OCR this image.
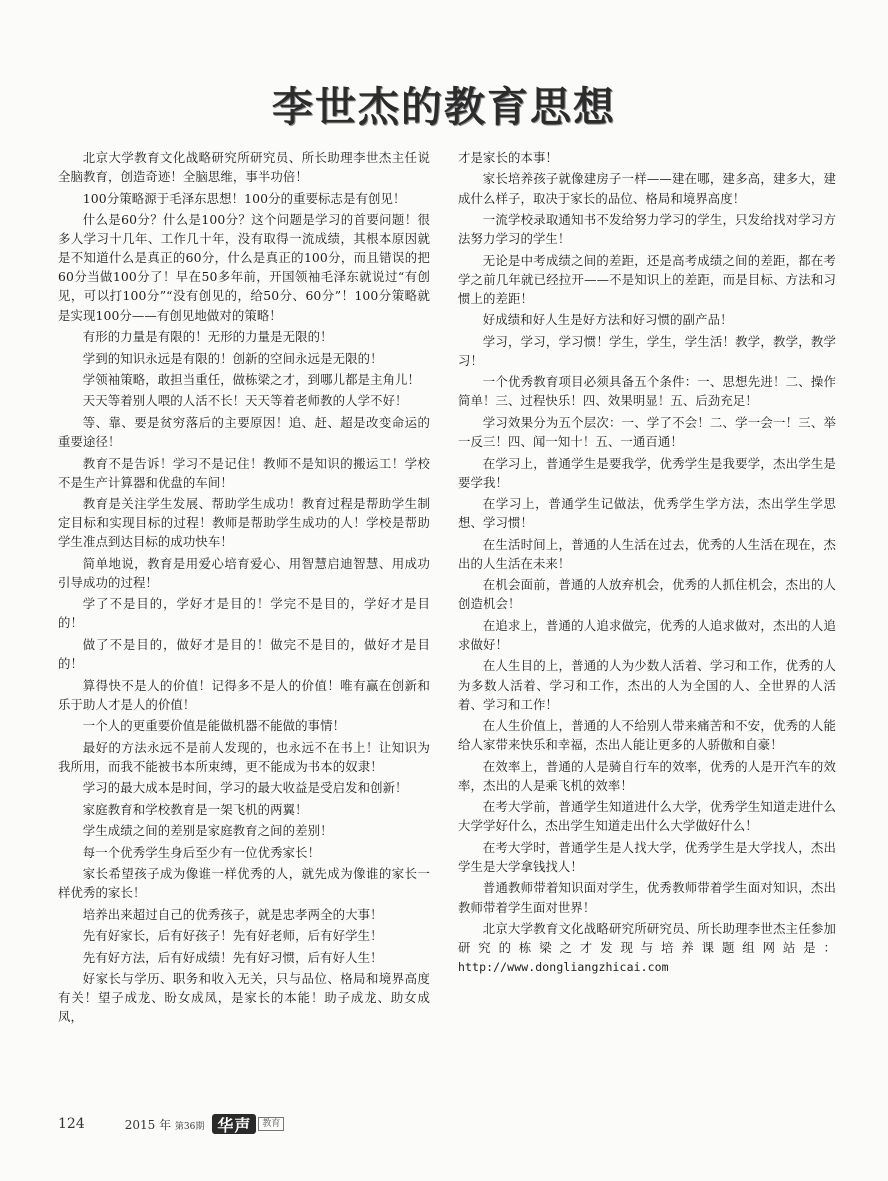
李世杰的教育思想

北京大学教育文化战略研究所研究员、所长助理李世杰主任说全脑教育，创造奇迹！全脑思维，事半功倍！

100分策略源于毛泽东思想！100分的重要标志是有创见！

什么是60分？什么是100分？这个问题是学习的首要问题！很多人学习十几年、工作几十年，没有取得一流成绩，其根本原因就是不知道什么是真正的60分，什么是真正的100分，而且错误的把60分当做100分了！早在50多年前，开国领袖毛泽东就说过“有创见，可以打100分”“没有创见的，给50分、60分”！100分策略就是实现100分——有创见地做对的策略！

有形的力量是有限的！无形的力量是无限的！

学到的知识永远是有限的！创新的空间永远是无限的！

学领袖策略，敢担当重任，做栋梁之才，到哪儿都是主角儿！

天天等着别人喂的人活不长！天天等着老师教的人学不好！

等、靠、要是贫穷落后的主要原因！追、赶、超是改变命运的重要途径！

教育不是告诉！学习不是记住！教师不是知识的搬运工！学校不是生产计算器和优盘的车间！

教育是关注学生发展、帮助学生成功！教育过程是帮助学生制定目标和实现目标的过程！教师是帮助学生成功的人！学校是帮助学生准点到达目标的成功快车！

简单地说，教育是用爱心培育爱心、用智慧启迪智慧、用成功引导成功的过程！

学了不是目的，学好才是目的！学完不是目的，学好才是目的！

做了不是目的，做好才是目的！做完不是目的，做好才是目的！

算得快不是人的价值！记得多不是人的价值！唯有赢在创新和乐于助人才是人的价值！

一个人的更重要价值是能做机器不能做的事情！

最好的方法永远不是前人发现的，也永远不在书上！让知识为我所用，而我不能被书本所束缚，更不能成为书本的奴隶！

学习的最大成本是时间，学习的最大收益是受启发和创新！

家庭教育和学校教育是一架飞机的两翼！

学生成绩之间的差别是家庭教育之间的差别！

每一个优秀学生身后至少有一位优秀家长！

家长希望孩子成为像谁一样优秀的人，就先成为像谁的家长一样优秀的家长！

培养出来超过自己的优秀孩子，就是忠孝两全的大事！

先有好家长，后有好孩子！先有好老师，后有好学生！

先有好方法，后有好成绩！先有好习惯，后有好人生！

好家长与学历、职务和收入无关，只与品位、格局和境界高度有关！望子成龙、盼女成凤，是家长的本能！助子成龙、助女成凤，

才是家长的本事！

家长培养孩子就像建房子一样——建在哪，建多高，建多大，建成什么样子，取决于家长的品位、格局和境界高度！

一流学校录取通知书不发给努力学习的学生，只发给找对学习方法努力学习的学生！

无论是中考成绩之间的差距，还是高考成绩之间的差距，都在考学之前几年就已经拉开——不是知识上的差距，而是目标、方法和习惯上的差距！

好成绩和好人生是好方法和好习惯的副产品！

学习，学习，学习惯！学生，学生，学生活！教学，教学，教学习！

一个优秀教育项目必须具备五个条件：一、思想先进！二、操作简单！三、过程快乐！四、效果明显！五、后劲充足！

学习效果分为五个层次：一、学了不会！二、学一会一！三、举一反三！四、闻一知十！五、一通百通！

在学习上，普通学生是要我学，优秀学生是我要学，杰出学生是要学我！

在学习上，普通学生记做法，优秀学生学方法，杰出学生学思想、学习惯！

在生活时间上，普通的人生活在过去，优秀的人生活在现在，杰出的人生活在未来！

在机会面前，普通的人放弃机会，优秀的人抓住机会，杰出的人创造机会！

在追求上，普通的人追求做完，优秀的人追求做对，杰出的人追求做好！

在人生目的上，普通的人为少数人活着、学习和工作，优秀的人为多数人活着、学习和工作，杰出的人为全国的人、全世界的人活着、学习和工作！

在人生价值上，普通的人不给别人带来痛苦和不安，优秀的人能给人家带来快乐和幸福，杰出人能让更多的人骄傲和自豪！

在效率上，普通的人是骑自行车的效率，优秀的人是开汽车的效率，杰出的人是乘飞机的效率！

在考大学前，普通学生知道进什么大学，优秀学生知道走进什么大学学好什么，杰出学生知道走出什么大学做好什么！

在考大学时，普通学生是人找大学，优秀学生是大学找人，杰出学生是大学拿钱找人！

普通教师带着知识面对学生，优秀教师带着学生面对知识，杰出教师带着学生面对世界！

北京大学教育文化战略研究所研究员、所长助理李世杰主任参加研究的栋梁之才发现与培养课题组网站是：http://www.dongliangzhicai.com

124	2015 年 第36期 华声	教育
